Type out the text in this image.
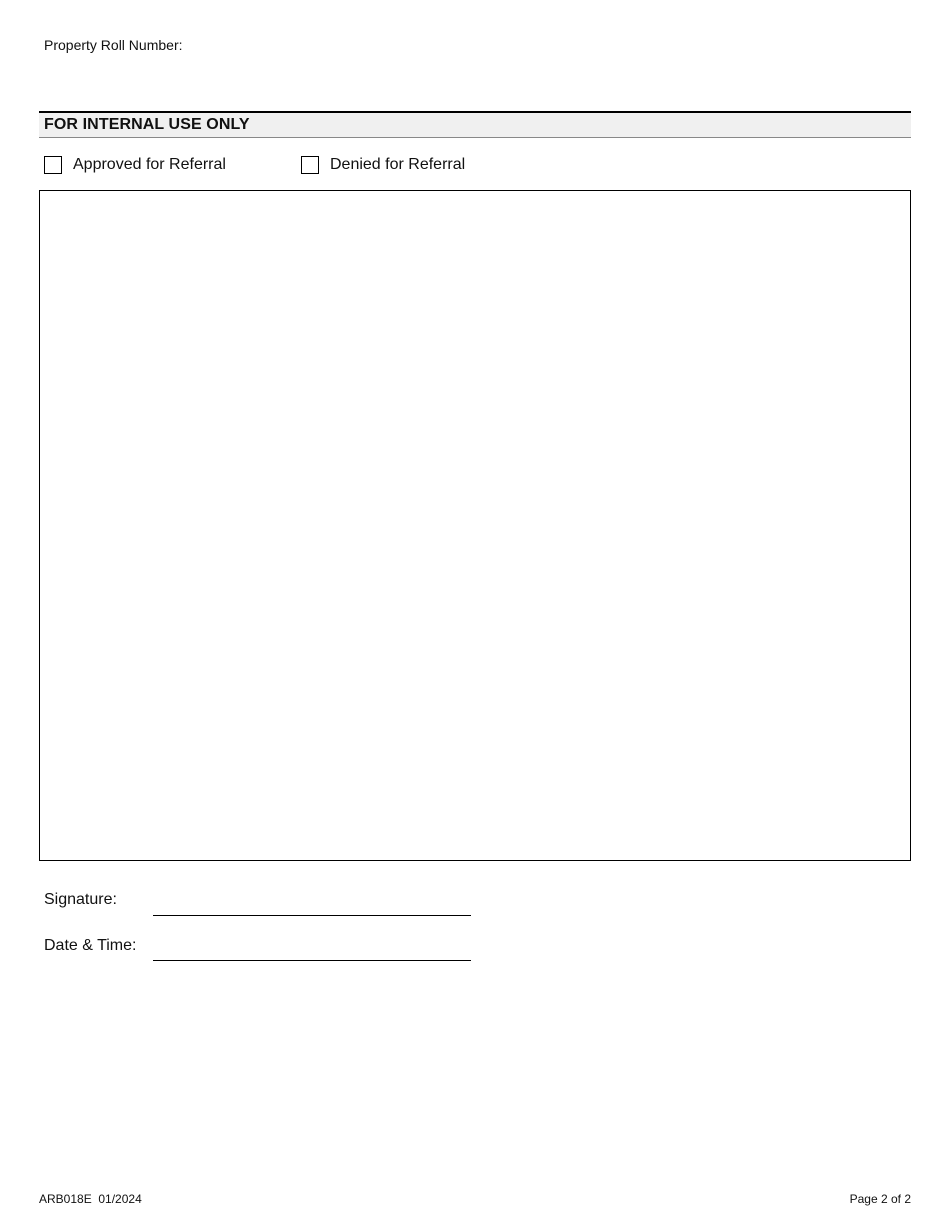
Property Roll Number:
FOR INTERNAL USE ONLY
Approved for Referral	Denied for Referral
Signature:
Date & Time:
ARB018E  01/2024	Page 2 of 2
